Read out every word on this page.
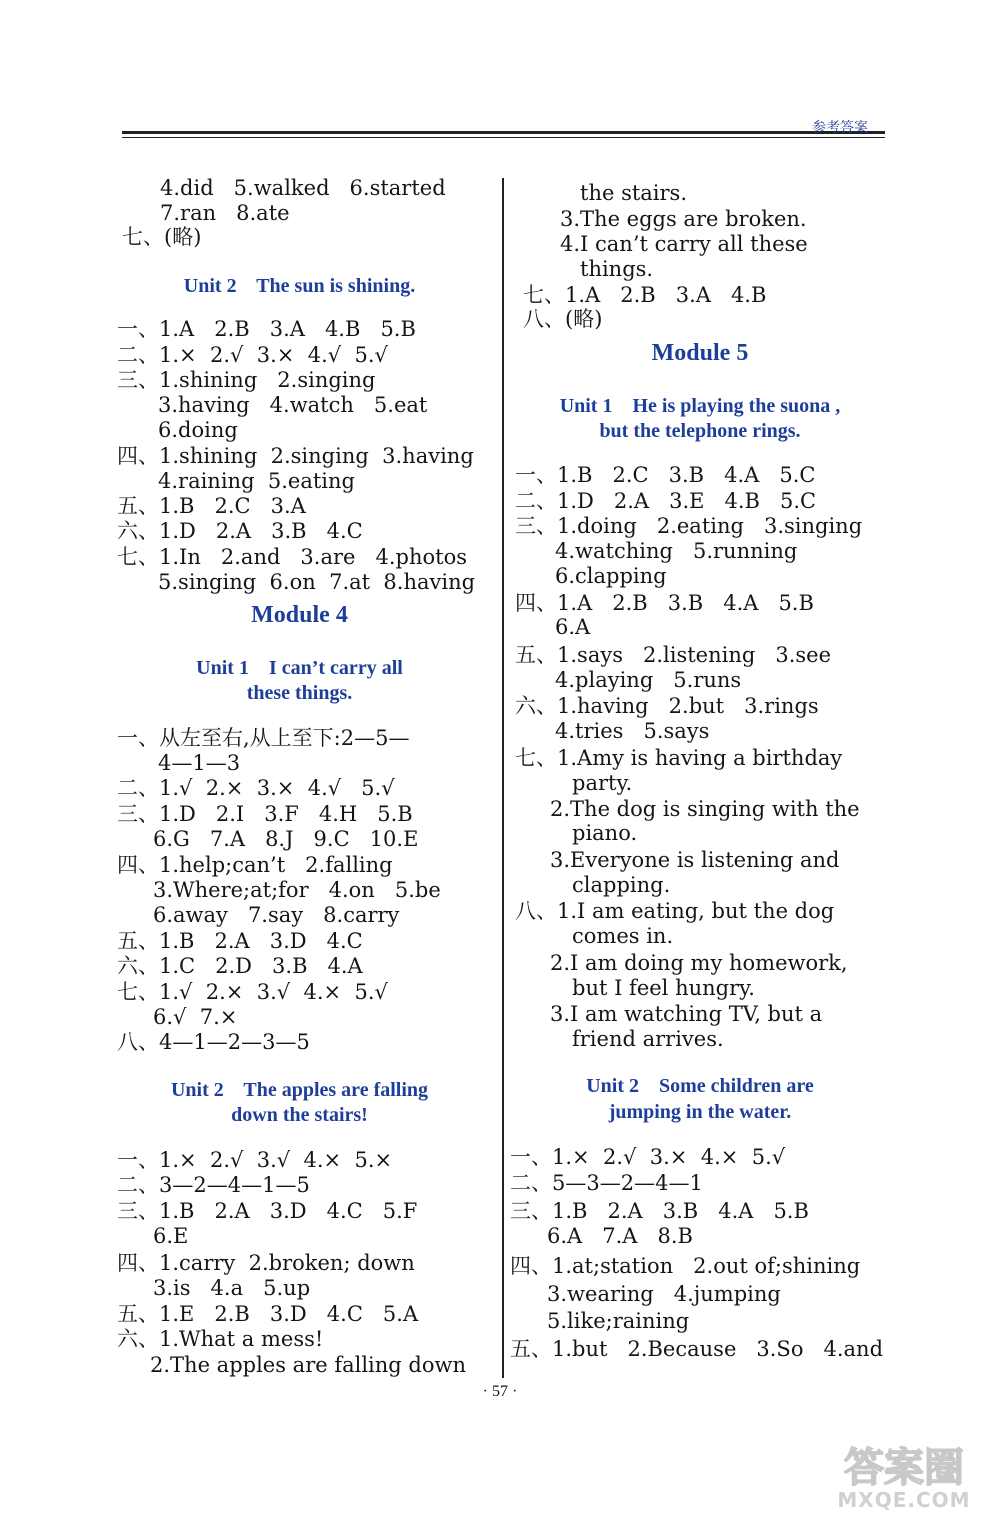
参考答案
4.did   5.walked   6.started
7.ran   8.ate
七、(略)
Unit 2    The sun is shining.
一、1.A   2.B   3.A   4.B   5.B
二、1.×  2.√  3.×  4.√  5.√
三、1.shining   2.singing
3.having   4.watch   5.eat
6.doing
四、1.shining  2.singing  3.having
4.raining  5.eating
五、1.B   2.C   3.A
六、1.D   2.A   3.B   4.C
七、1.In   2.and   3.are   4.photos
5.singing  6.on  7.at  8.having
Module 4
Unit 1    I can’t carry all
these things.
一、从左至右,从上至下:2—5—
4—1—3
二、1.√  2.×  3.×  4.√   5.√
三、1.D   2.I   3.F   4.H   5.B
6.G   7.A   8.J   9.C   10.E
四、1.help;can’t   2.falling
3.Where;at;for   4.on   5.be
6.away   7.say   8.carry
五、1.B   2.A   3.D   4.C
六、1.C   2.D   3.B   4.A
七、1.√  2.×  3.√  4.×  5.√
6.√  7.×
八、4—1—2—3—5
Unit 2    The apples are falling
down the stairs!
一、1.×  2.√  3.√  4.×  5.×
二、3—2—4—1—5
三、1.B   2.A   3.D   4.C   5.F
6.E
四、1.carry  2.broken; down
3.is   4.a   5.up
五、1.E   2.B   3.D   4.C   5.A
六、1.What a mess!
2.The apples are falling down
the stairs.
3.The eggs are broken.
4.I can’t carry all these
things.
七、1.A   2.B   3.A   4.B
八、(略)
Module 5
Unit 1    He is playing the suona ,
but the telephone rings.
一、1.B   2.C   3.B   4.A   5.C
二、1.D   2.A   3.E   4.B   5.C
三、1.doing   2.eating   3.singing
4.watching   5.running
6.clapping
四、1.A   2.B   3.B   4.A   5.B
6.A
五、1.says   2.listening   3.see
4.playing   5.runs
六、1.having   2.but   3.rings
4.tries   5.says
七、1.Amy is having a birthday
party.
2.The dog is singing with the
piano.
3.Everyone is listening and
clapping.
八、1.I am eating, but the dog
comes in.
2.I am doing my homework,
but I feel hungry.
3.I am watching TV, but a
friend arrives.
Unit 2    Some children are
jumping in the water.
一、1.×  2.√  3.×  4.×  5.√
二、5—3—2—4—1
三、1.B   2.A   3.B   4.A   5.B
6.A   7.A   8.B
四、1.at;station   2.out of;shining
3.wearing   4.jumping
5.like;raining
五、1.but   2.Because   3.So   4.and
· 57 ·
答案圈
MXQE.COM
